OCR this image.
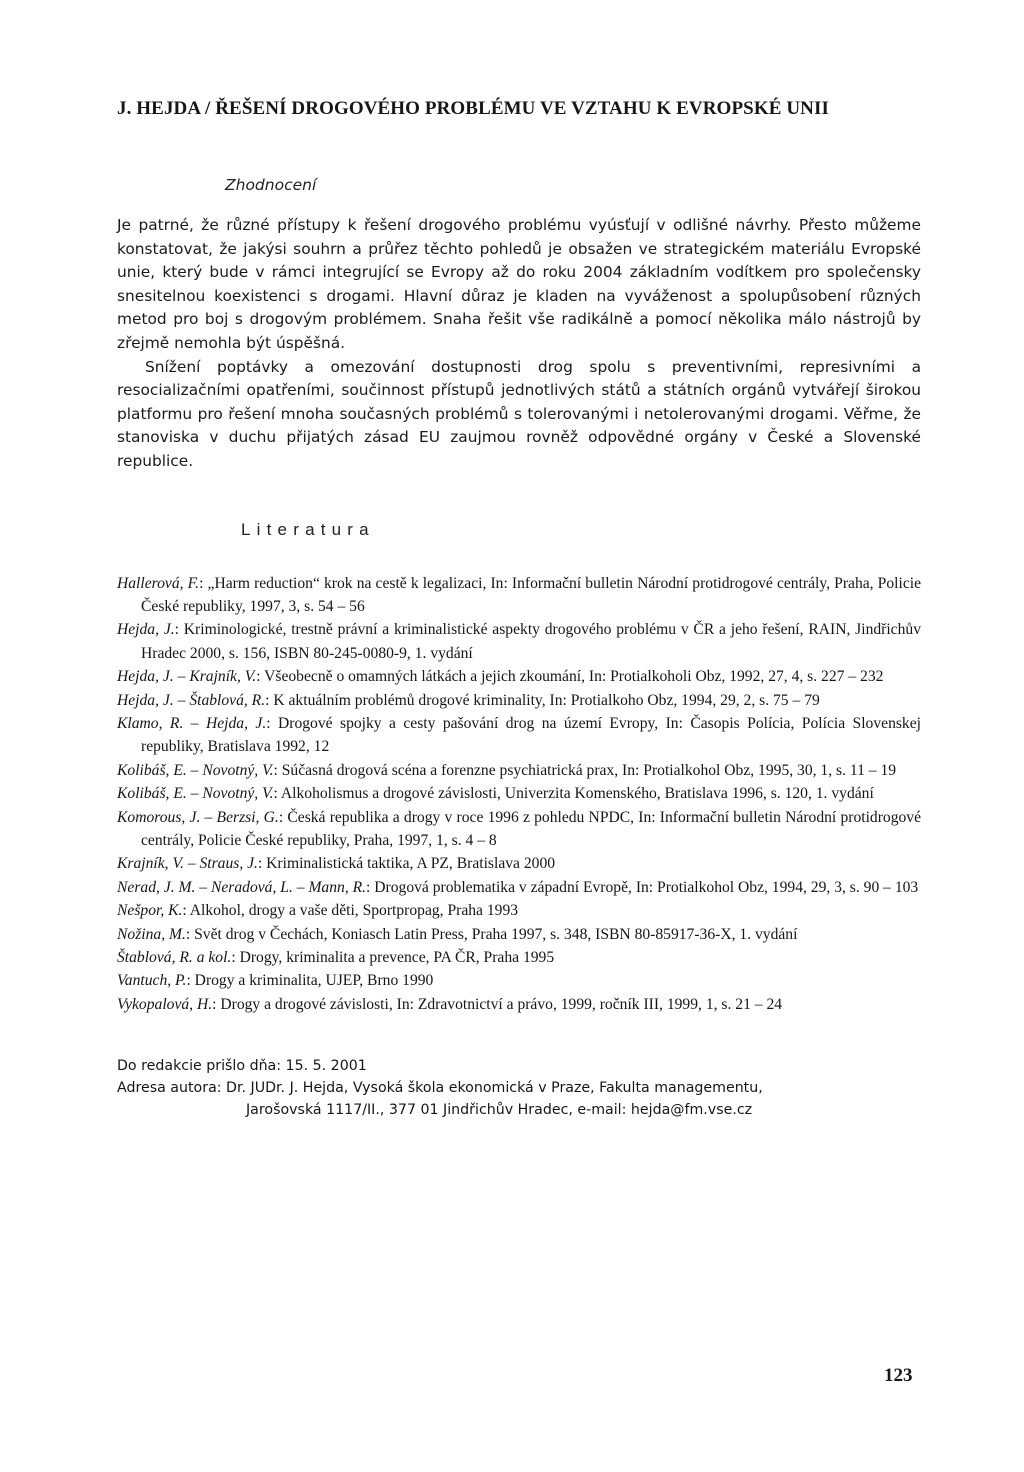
J. HEJDA / ŘEŠENÍ DROGOVÉHO PROBLÉMU VE VZTAHU K EVROPSKÉ UNII
Zhodnocení

Je patrné, že různé přístupy k řešení drogového problému vyúsťují v odlišné návrhy. Přesto můžeme konstatovat, že jakýsi souhrn a průřez těchto pohledů je obsažen ve strategickém materiálu Evropské unie, který bude v rámci integrující se Evropy až do roku 2004 základním vodítkem pro společensky snesitelnou koexistenci s drogami. Hlavní důraz je kladen na vyváženost a spolupůsobení různých metod pro boj s drogovým problémem. Snaha řešit vše radikálně a pomocí několika málo nástrojů by zřejmě nemohla být úspěšná.

Snížení poptávky a omezování dostupnosti drog spolu s preventivními, represivními a resocializačními opatřeními, součinnost přístupů jednotlivých států a státních orgánů vytvářejí širokou platformu pro řešení mnoha současných problémů s tolerovanými i netolerovanými drogami. Věřme, že stanoviska v duchu přijatých zásad EU zaujmou rovněž odpovědné orgány v České a Slovenské republice.

Literatura

Hallerová, F.: „Harm reduction“ krok na cestě k legalizaci, In: Informační bulletin Národní protidrogové centrály, Praha, Policie České republiky, 1997, 3, s. 54 – 56

Hejda, J.: Kriminologické, trestně právní a kriminalistické aspekty drogového problému v ČR a jeho řešení, RAIN, Jindřichův Hradec 2000, s. 156, ISBN 80-245-0080-9, 1. vydání

Hejda, J. – Krajník, V.: Všeobecně o omamných látkách a jejich zkoumání, In: Protialkoholi Obz, 1992, 27, 4, s. 227 – 232

Hejda, J. – Štablová, R.: K aktuálním problémů drogové kriminality, In: Protialkoho Obz, 1994, 29, 2, s. 75 – 79

Klamo, R. – Hejda, J.: Drogové spojky a cesty pašování drog na území Evropy, In: Časopis Polícia, Polícia Slovenskej republiky, Bratislava 1992, 12

Kolibáš, E. – Novotný, V.: Súčasná drogová scéna a forenzne psychiatrická prax, In: Protialkohol Obz, 1995, 30, 1, s. 11 – 19

Kolibáš, E. – Novotný, V.: Alkoholismus a drogové závislosti, Univerzita Komenského, Bratislava 1996, s. 120, 1. vydání

Komorous, J. – Berzsi, G.: Česká republika a drogy v roce 1996 z pohledu NPDC, In: Informační bulletin Národní protidrogové centrály, Policie České republiky, Praha, 1997, 1, s. 4 – 8

Krajník, V. – Straus, J.: Kriminalistická taktika, A PZ, Bratislava 2000

Nerad, J. M. – Neradová, L. – Mann, R.: Drogová problematika v západní Evropě, In: Protialkohol Obz, 1994, 29, 3, s. 90 – 103

Nešpor, K.: Alkohol, drogy a vaše děti, Sportpropag, Praha 1993

Nožina, M.: Svět drog v Čechách, Koniasch Latin Press, Praha 1997, s. 348, ISBN 80-85917-36-X, 1. vydání

Štablová, R. a kol.: Drogy, kriminalita a prevence, PA ČR, Praha 1995

Vantuch, P.: Drogy a kriminalita, UJEP, Brno 1990

Vykopalová, H.: Drogy a drogové závislosti, In: Zdravotnictví a právo, 1999, ročník III, 1999, 1, s. 21 – 24

Do redakcie prišlo dňa: 15. 5. 2001
Adresa autora: Dr. JUDr. J. Hejda, Vysoká škola ekonomická v Praze, Fakulta managementu,
Jarošovská 1117/II., 377 01 Jindřichův Hradec, e-mail: hejda@fm.vse.cz
123
